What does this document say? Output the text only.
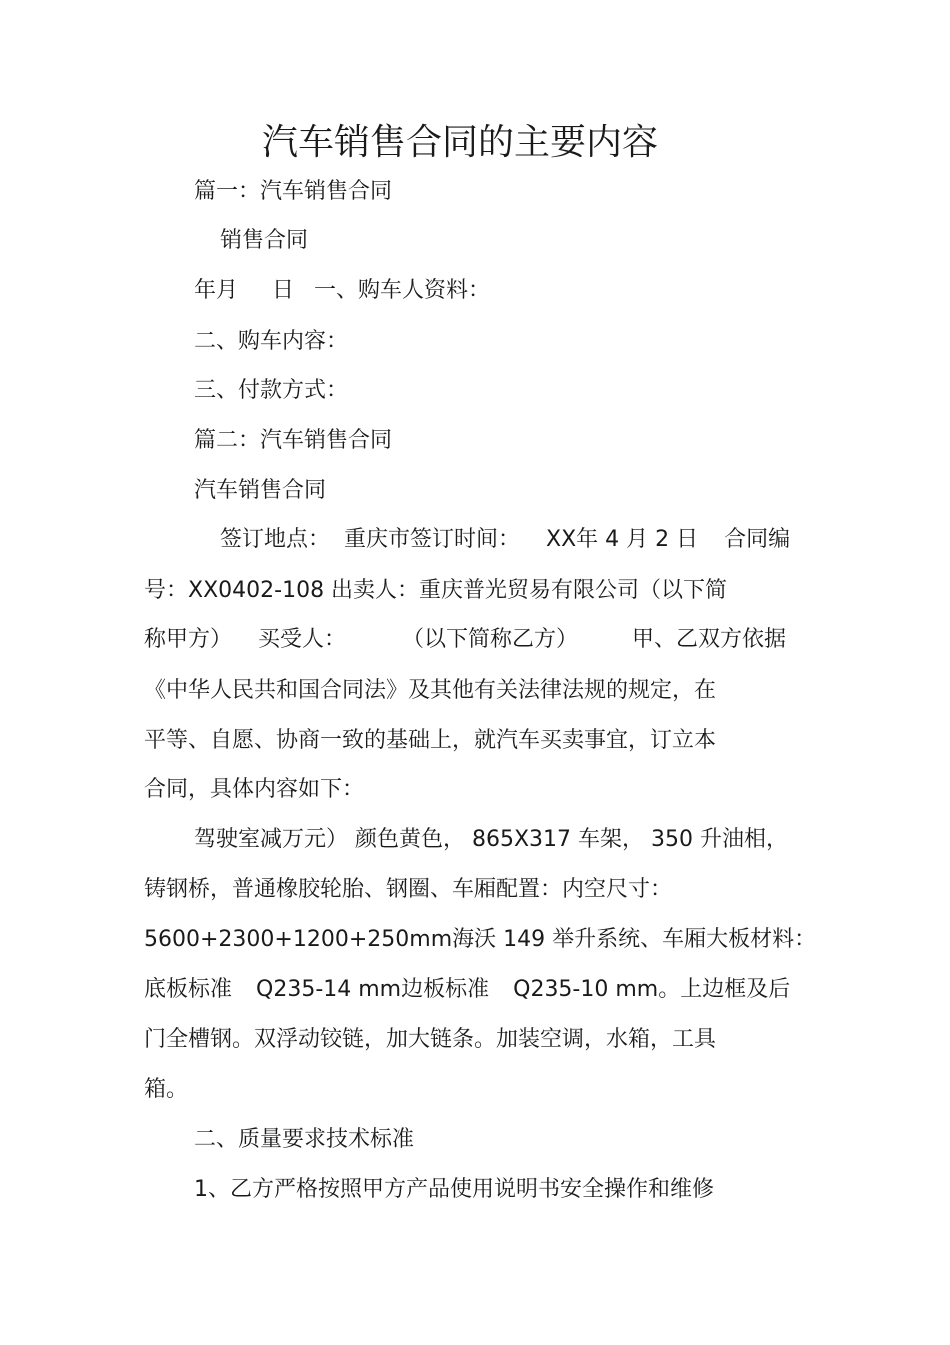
汽车销售合同的主要内容
篇一：汽车销售合同
销售合同
年月 日 一、购车人资料：
二、购车内容：
三、付款方式：
篇二：汽车销售合同
汽车销售合同
签订地点： 重庆市签订时间： XX年 4 月 2 日 合同编
号：XX0402-108 出卖人：重庆普光贸易有限公司（以下简
称甲方） 买受人：	（以下简称乙方） 甲、乙双方依据
《中华人民共和国合同法》及其他有关法律法规的规定，在
平等、自愿、协商一致的基础上，就汽车买卖事宜，订立本
合同，具体内容如下：
驾驶室减万元） 颜色黄色， 865X317 车架， 350 升油相，
铸钢桥，普通橡胶轮胎、钢圈、车厢配置：内空尺寸：
5600+2300+1200+250mm海沃 149 举升系统、车厢大板材料：
底板标准 Q235-14 mm边板标准 Q235-10 mm。上边框及后
门全槽钢。双浮动铰链，加大链条。加装空调，水箱，工具
箱。
二、质量要求技术标准
1、乙方严格按照甲方产品使用说明书安全操作和维修
